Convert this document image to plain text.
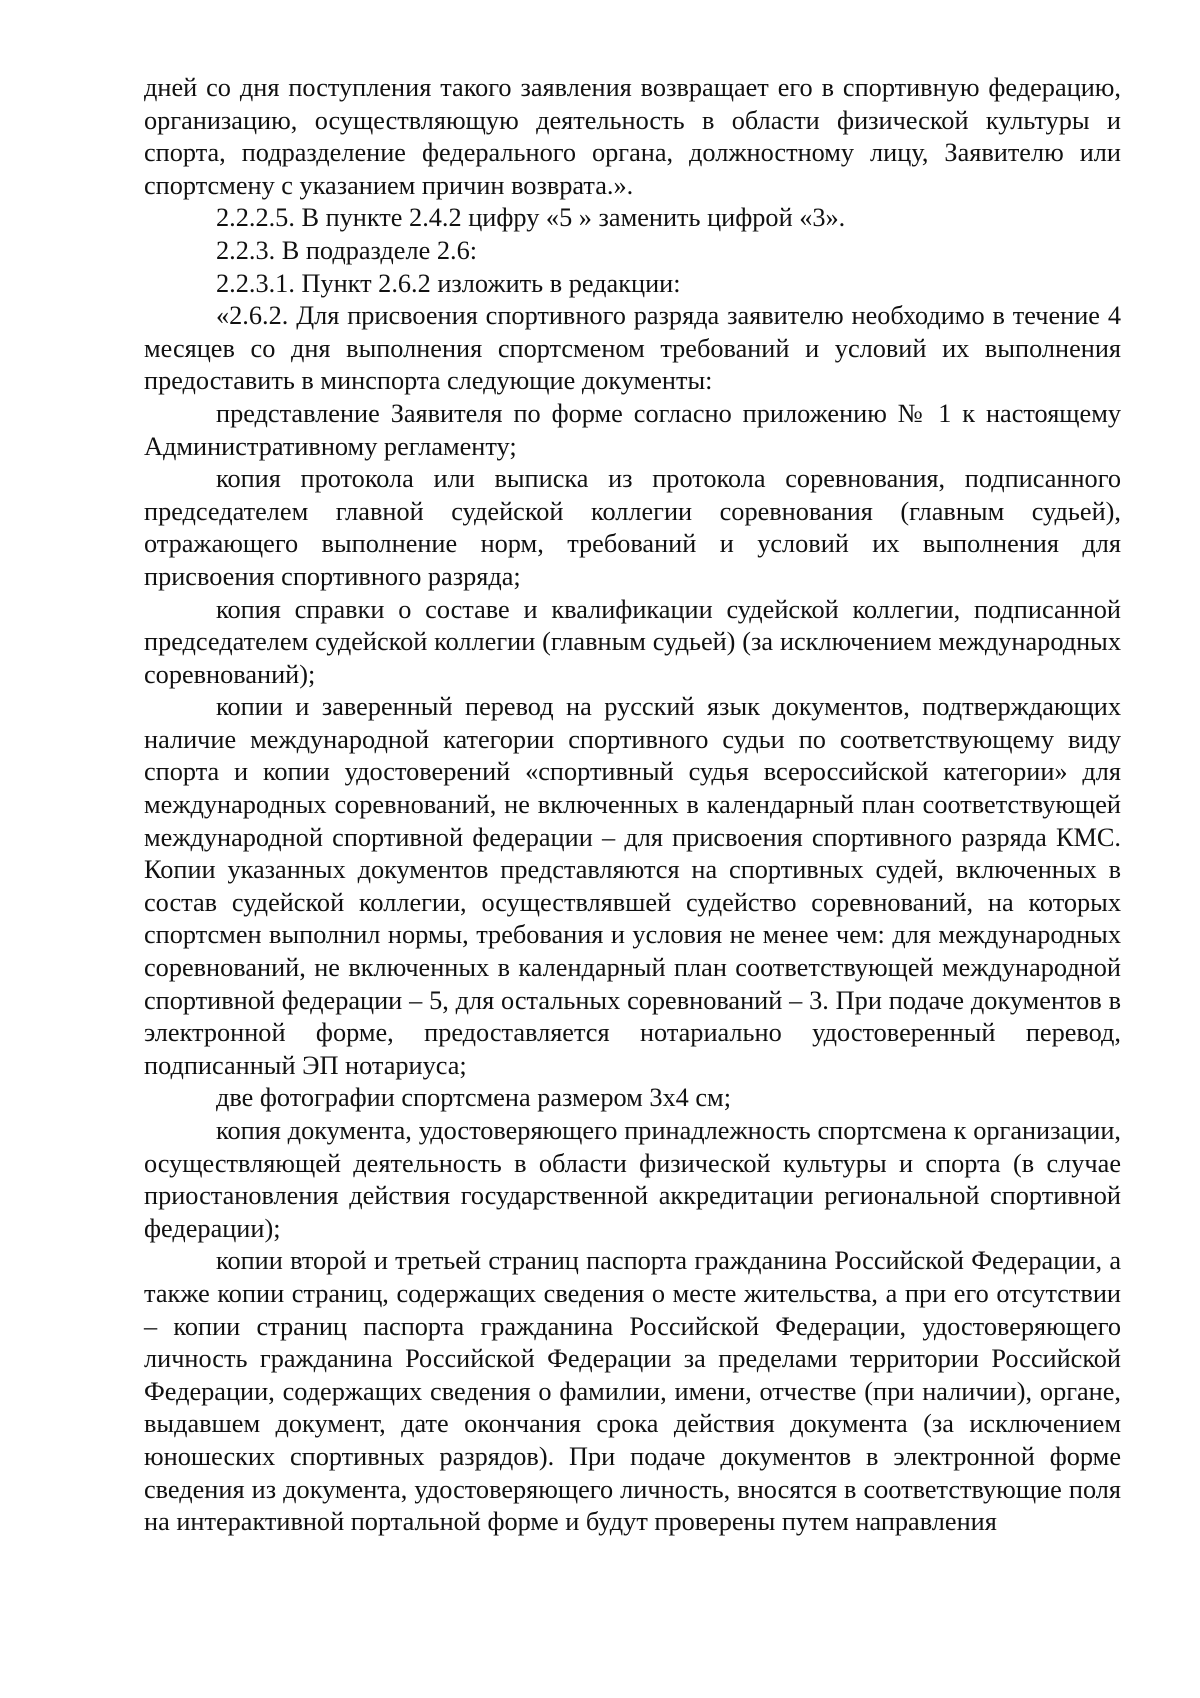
дней со дня поступления такого заявления возвращает его в спортивную федерацию, организацию, осуществляющую деятельность в области физической культуры и спорта, подразделение федерального органа, должностному лицу, Заявителю или спортсмену с указанием причин возврата.».

2.2.2.5. В пункте 2.4.2 цифру «5 » заменить цифрой «3».

2.2.3. В подразделе 2.6:

2.2.3.1. Пункт 2.6.2 изложить в редакции:

«2.6.2. Для присвоения спортивного разряда заявителю необходимо в течение 4 месяцев со дня выполнения спортсменом требований и условий их выполнения предоставить в минспорта следующие документы:

представление Заявителя по форме согласно приложению № 1 к настоящему Административному регламенту;

копия протокола или выписка из протокола соревнования, подписанного председателем главной судейской коллегии соревнования (главным судьей), отражающего выполнение норм, требований и условий их выполнения для присвоения спортивного разряда;

копия справки о составе и квалификации судейской коллегии, подписанной председателем судейской коллегии (главным судьей) (за исключением международных соревнований);

копии и заверенный перевод на русский язык документов, подтверждающих наличие международной категории спортивного судьи по соответствующему виду спорта и копии удостоверений «спортивный судья всероссийской категории» для международных соревнований, не включенных в календарный план соответствующей международной спортивной федерации – для присвоения спортивного разряда КМС. Копии указанных документов представляются на спортивных судей, включенных в состав судейской коллегии, осуществлявшей судейство соревнований, на которых спортсмен выполнил нормы, требования и условия не менее чем: для международных соревнований, не включенных в календарный план соответствующей международной спортивной федерации – 5, для остальных соревнований – 3. При подаче документов в электронной форме, предоставляется нотариально удостоверенный перевод, подписанный ЭП нотариуса;

две фотографии спортсмена размером 3х4 см;

копия документа, удостоверяющего принадлежность спортсмена к организации, осуществляющей деятельность в области физической культуры и спорта (в случае приостановления действия государственной аккредитации региональной спортивной федерации);

копии второй и третьей страниц паспорта гражданина Российской Федерации, а также копии страниц, содержащих сведения о месте жительства, а при его отсутствии – копии страниц паспорта гражданина Российской Федерации, удостоверяющего личность гражданина Российской Федерации за пределами территории Российской Федерации, содержащих сведения о фамилии, имени, отчестве (при наличии), органе, выдавшем документ, дате окончания срока действия документа (за исключением юношеских спортивных разрядов). При подаче документов в электронной форме сведения из документа, удостоверяющего личность, вносятся в соответствующие поля на интерактивной портальной форме и будут проверены путем направления
